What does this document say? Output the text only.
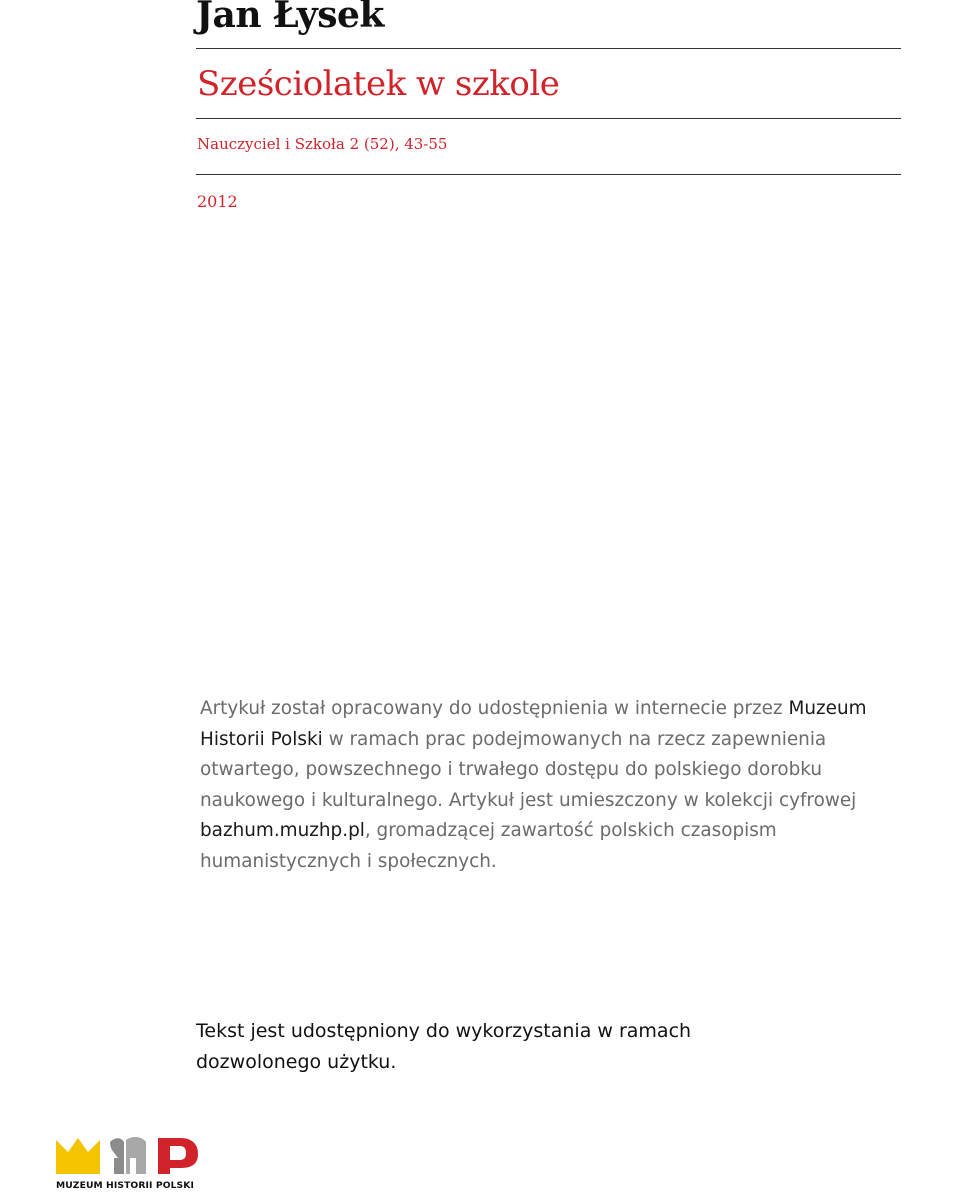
Jan Łysek
Sześciolatek w szkole
Nauczyciel i Szkoła 2 (52), 43-55
2012
Artykuł został opracowany do udostępnienia w internecie przez Muzeum Historii Polski w ramach prac podejmowanych na rzecz zapewnienia otwartego, powszechnego i trwałego dostępu do polskiego dorobku naukowego i kulturalnego. Artykuł jest umieszczony w kolekcji cyfrowej bazhum.muzhp.pl, gromadzącej zawartość polskich czasopism humanistycznych i społecznych.
Tekst jest udostępniony do wykorzystania w ramach dozwolonego użytku.
MUZEUM HISTORII POLSKI
